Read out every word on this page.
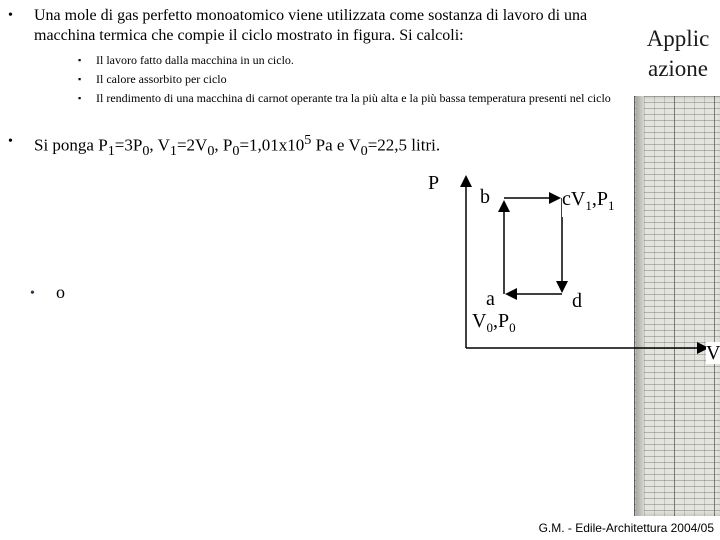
Applic
azione
• Una mole di gas perfetto monoatomico viene utilizzata come sostanza di lavoro di una macchina termica che compie il ciclo mostrato in figura. Si calcoli:
▪ Il lavoro fatto dalla macchina in un ciclo.
▪ Il calore assorbito per ciclo
▪ Il rendimento di una macchina di carnot operante tra la più alta e la più bassa temperatura presenti nel ciclo
• Si ponga $P_1=3P_0$, $V_1=2V_0$, $P_0=1,01x10^5$ Pa e $V_0=22,5$ litri.
• o
P
V
b	$cV_1,P_1$
a
$V_0,P_0$
d
G.M. - Edile-Architettura 2004/05
